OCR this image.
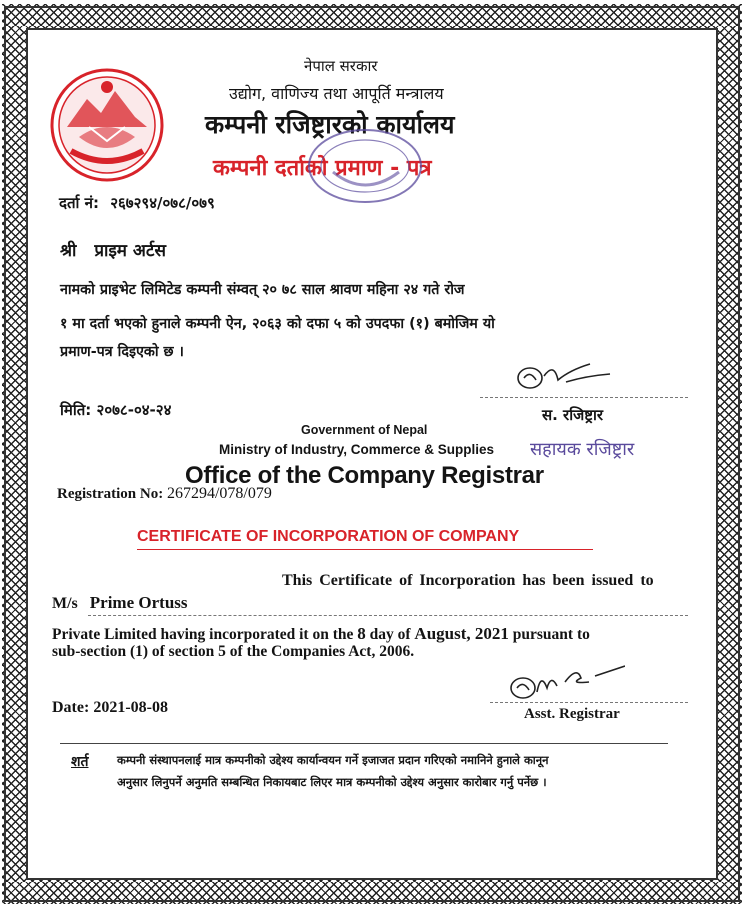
नेपाल सरकार
उद्योग, वाणिज्य तथा आपूर्ति मन्त्रालय
कम्पनी रजिष्ट्रारको कार्यालय
कम्पनी दर्ताको प्रमाण - पत्र
दर्ता नं: २६७२९४/०७८/०७९
श्री प्राइम अर्टस
नामको प्राइभेट लिमिटेड कम्पनी संम्वत् २० ७८ साल श्रावण महिना २४ गते रोज
१ मा दर्ता भएको हुनाले कम्पनी ऐन, २०६३ को दफा ५ को उपदफा (१) बमोजिम यो
प्रमाण-पत्र दिइएको छ ।
मिति: २०७८-०४-२४	स. रजिष्ट्रार
सहायक रजिष्ट्रार
Government of Nepal
Ministry of Industry, Commerce & Supplies
Office of the Company Registrar
Registration No: 267294/078/079
CERTIFICATE OF INCORPORATION OF COMPANY
This Certificate of Incorporation has been issued to
M/s Prime Ortuss
Private Limited having incorporated it on the 8 day of August, 2021 pursuant to
sub-section (1) of section 5 of the Companies Act, 2006.
Date: 2021-08-08	Asst. Registrar
शर्त कम्पनी संस्थापनलाई मात्र कम्पनीको उद्देश्य कार्यान्वयन गर्ने इजाजत प्रदान गरिएको नमानिने हुनाले कानून
अनुसार लिनुपर्ने अनुमति सम्बन्धित निकायबाट लिएर मात्र कम्पनीको उद्देश्य अनुसार कारोबार गर्नु पर्नेछ ।
